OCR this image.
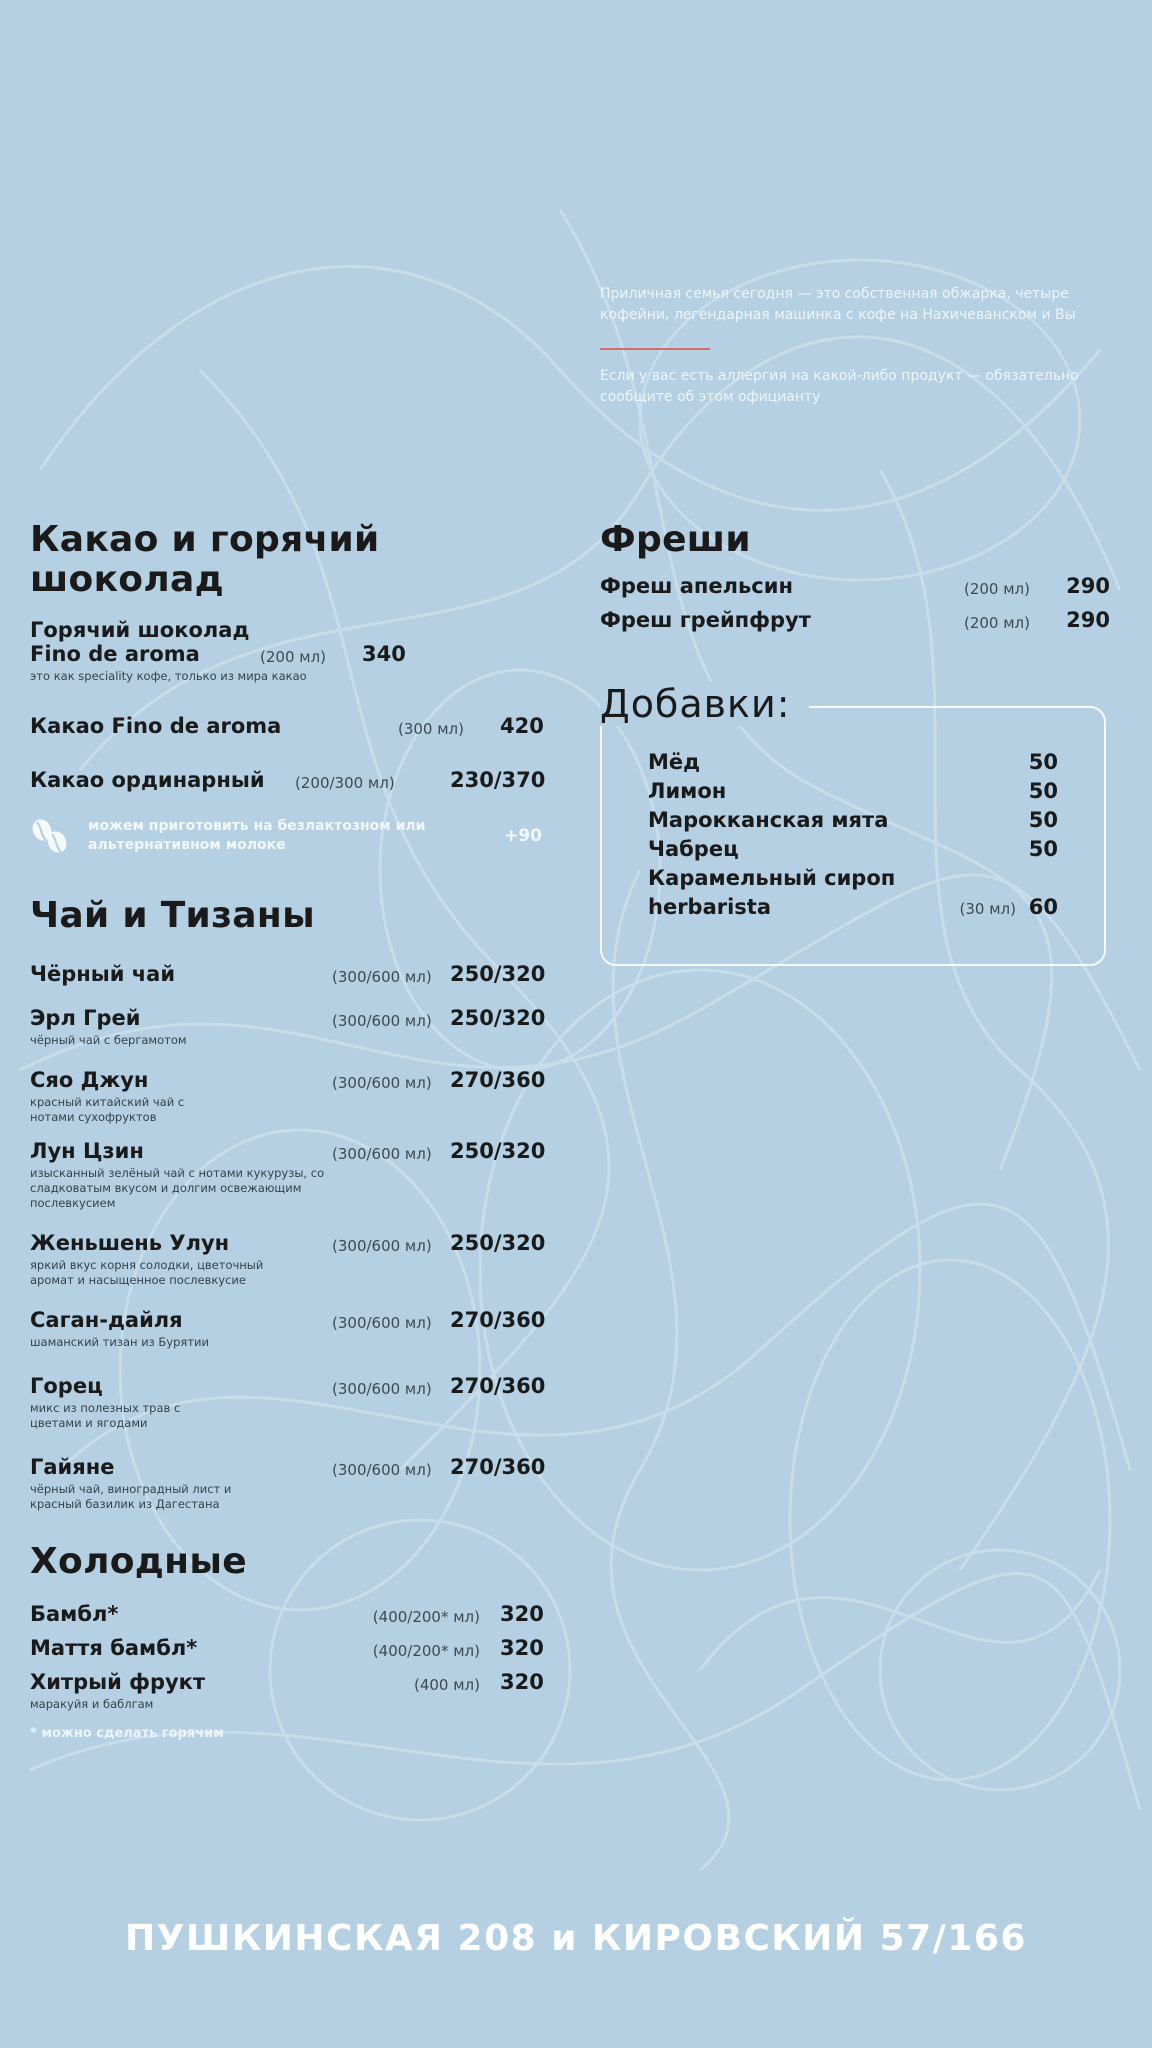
Приличная семья сегодня — это собственная обжарка, четыре кофейни, легендарная машинка с кофе на Нахичеванском и Вы

Если у вас есть аллергия на какой-либо продукт — обязательно сообщите об этом официанту

Какао и горячий шоколад
Горячий шоколад Fino de aroma	(200 мл) 340
это как speciality кофе, только из мира какао
Какао Fino de aroma	(300 мл) 420
Какао ординарный	(200/300 мл)	230/370
можем приготовить на безлактозном или альтернативном молоке	+90
Чай и Тизаны
Чёрный чай	(300/600 мл) 250/320
Эрл Грей	(300/600 мл) 250/320
чёрный чай с бергамотом
Сяо Джун	(300/600 мл) 270/360
красный китайский чай с нотами сухофруктов
Лун Цзин	(300/600 мл) 250/320
изысканный зелёный чай с нотами кукурузы, со сладковатым вкусом и долгим освежающим послевкусием
Женьшень Улун	(300/600 мл) 250/320
яркий вкус корня солодки, цветочный аромат и насыщенное послевкусие
Саган-дайля	(300/600 мл) 270/360
шаманский тизан из Бурятии
Горец	(300/600 мл) 270/360
микс из полезных трав с цветами и ягодами
Гайяне	(300/600 мл) 270/360
чёрный чай, виноградный лист и красный базилик из Дагестана
Холодные
Бамбл*	(400/200* мл) 320
Маття бамбл*	(400/200* мл) 320
Хитрый фрукт	(400 мл) 320
маракуйя и баблгам
* можно сделать горячим
Фреши
Фреш апельсин	(200 мл) 290
Фреш грейпфрут	(200 мл) 290
Мёд	50
Лимон	50
Марокканская мята	50
Чабрец	50
Карамельный сироп
herbarista	(30 мл) 60
Добавки:
ПУШКИНСКАЯ 208 и КИРОВСКИЙ 57/166
